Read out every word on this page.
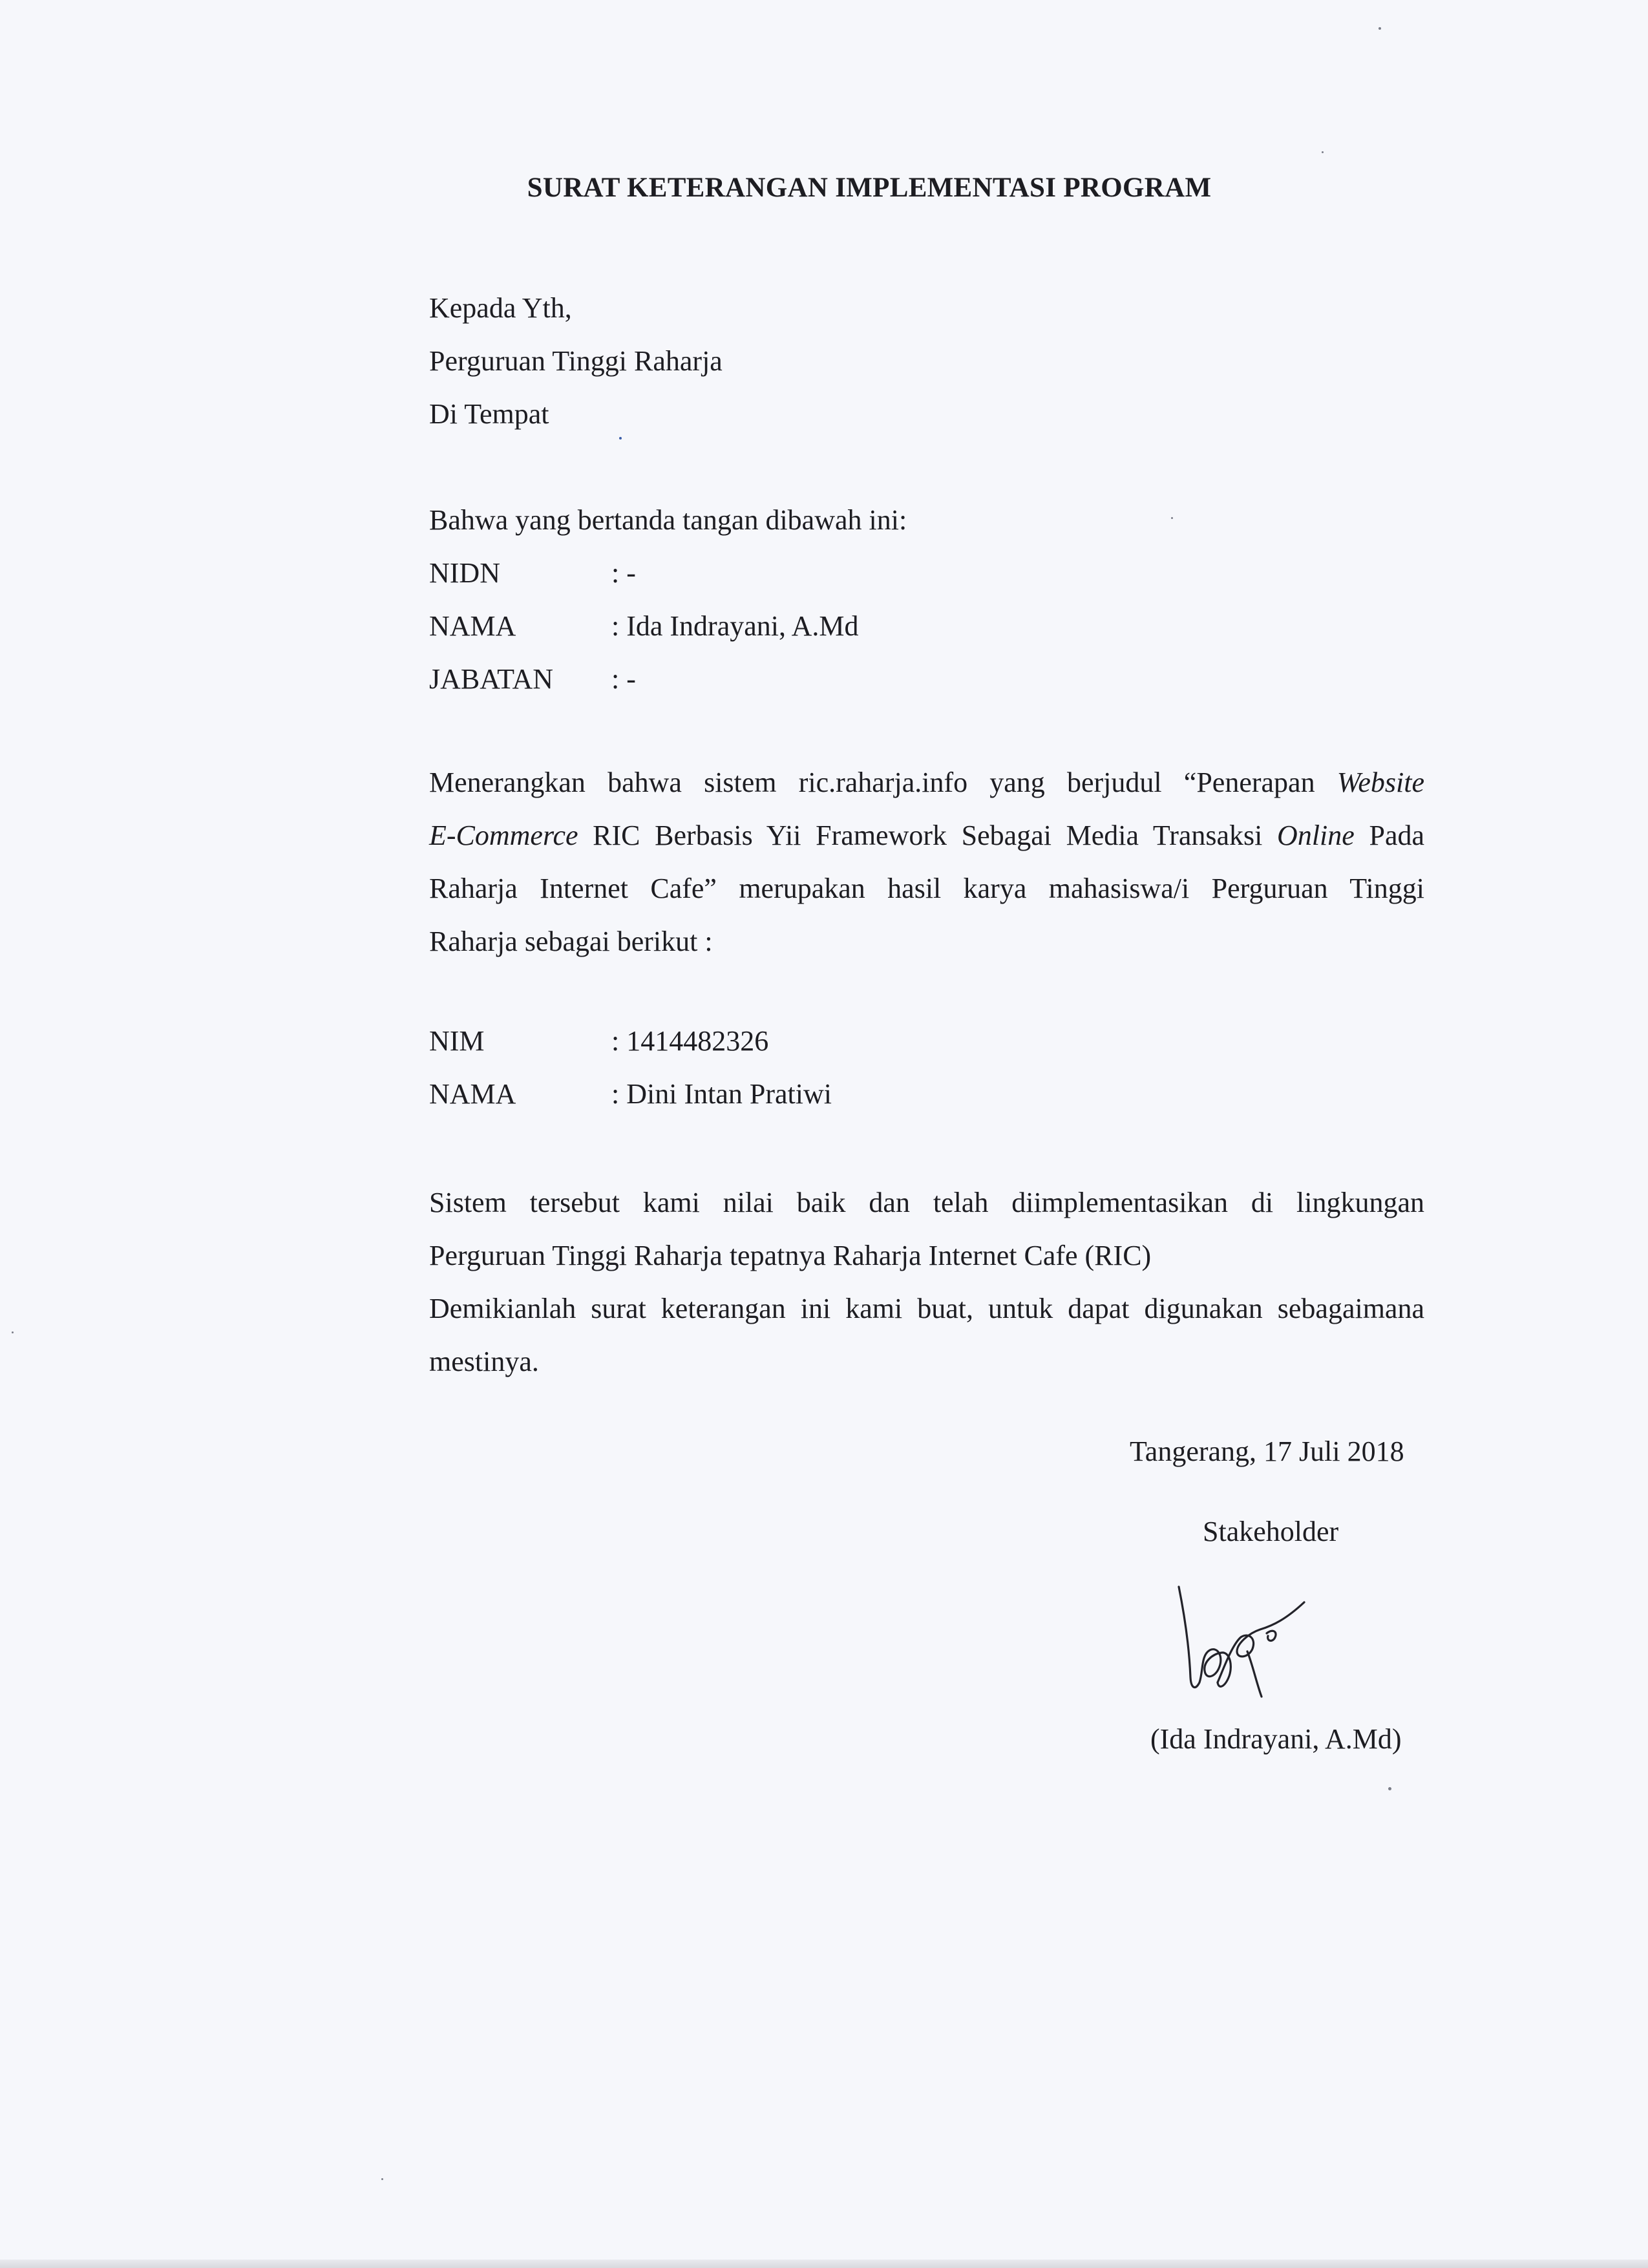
SURAT KETERANGAN IMPLEMENTASI PROGRAM
Kepada Yth,
Perguruan Tinggi Raharja
Di Tempat
Bahwa yang bertanda tangan dibawah ini:
NIDN	: -
NAMA	: Ida Indrayani, A.Md
JABATAN : -
Menerangkan bahwa sistem ric.raharja.info yang berjudul “Penerapan Website
E-Commerce RIC Berbasis Yii Framework Sebagai Media Transaksi Online Pada
Raharja Internet Cafe” merupakan hasil karya mahasiswa/i Perguruan Tinggi
Raharja sebagai berikut :
NIM	: 1414482326
NAMA	: Dini Intan Pratiwi
Sistem tersebut kami nilai baik dan telah diimplementasikan di lingkungan
Perguruan Tinggi Raharja tepatnya Raharja Internet Cafe (RIC)
Demikianlah surat keterangan ini kami buat, untuk dapat digunakan sebagaimana
mestinya.
Tangerang, 17 Juli 2018
Stakeholder
(Ida Indrayani, A.Md)
